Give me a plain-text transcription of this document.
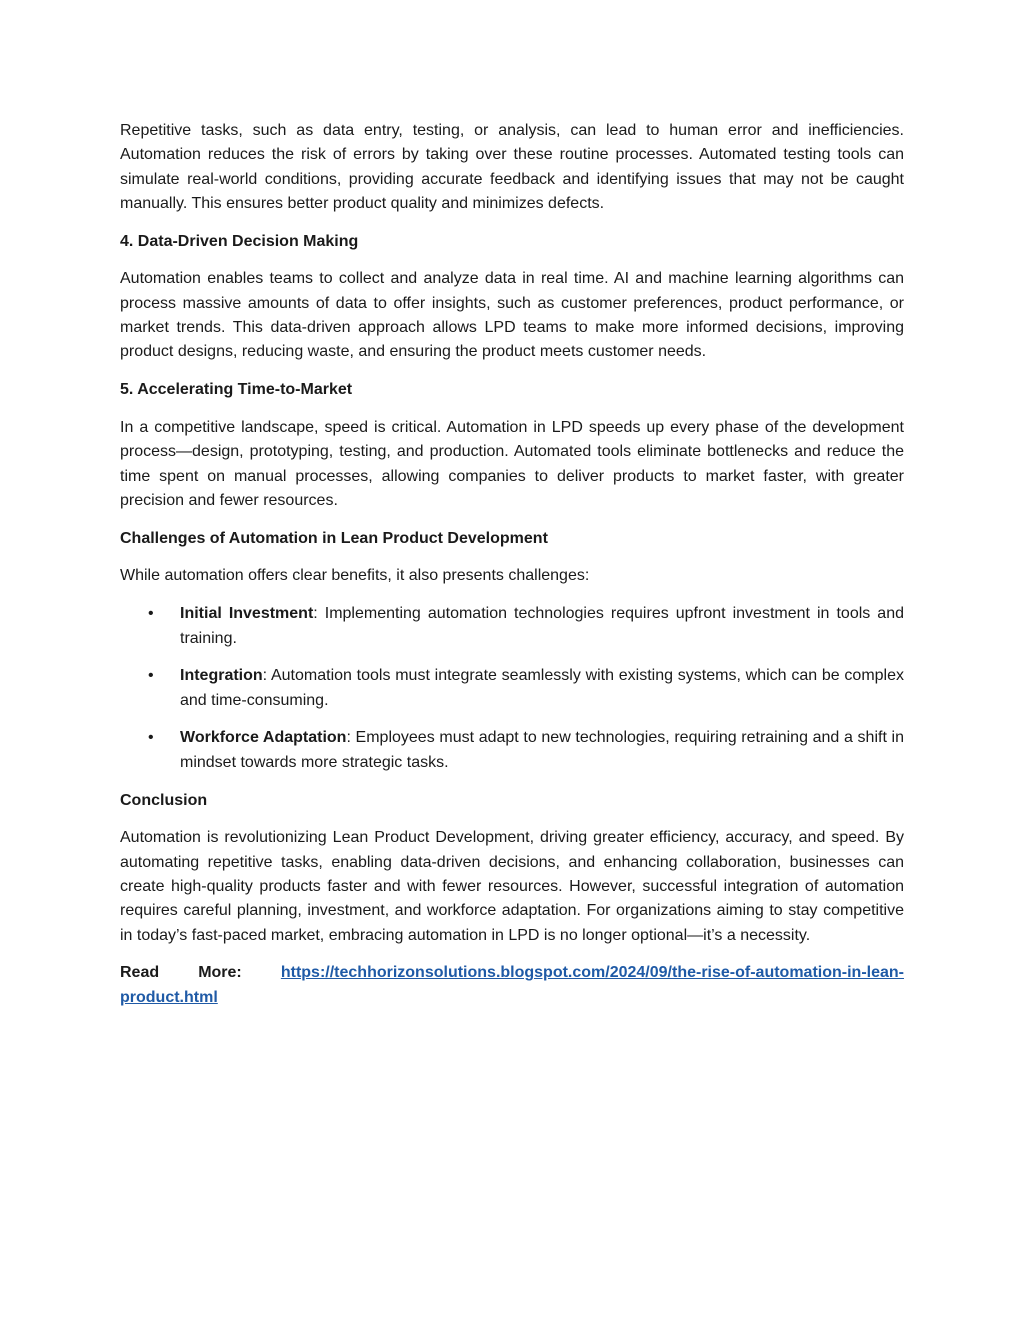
Repetitive tasks, such as data entry, testing, or analysis, can lead to human error and inefficiencies. Automation reduces the risk of errors by taking over these routine processes. Automated testing tools can simulate real-world conditions, providing accurate feedback and identifying issues that may not be caught manually. This ensures better product quality and minimizes defects.

4. Data-Driven Decision Making

Automation enables teams to collect and analyze data in real time. AI and machine learning algorithms can process massive amounts of data to offer insights, such as customer preferences, product performance, or market trends. This data-driven approach allows LPD teams to make more informed decisions, improving product designs, reducing waste, and ensuring the product meets customer needs.

5. Accelerating Time-to-Market

In a competitive landscape, speed is critical. Automation in LPD speeds up every phase of the development process—design, prototyping, testing, and production. Automated tools eliminate bottlenecks and reduce the time spent on manual processes, allowing companies to deliver products to market faster, with greater precision and fewer resources.

Challenges of Automation in Lean Product Development

While automation offers clear benefits, it also presents challenges:

• Initial Investment: Implementing automation technologies requires upfront investment in tools and training.
• Integration: Automation tools must integrate seamlessly with existing systems, which can be complex and time-consuming.
• Workforce Adaptation: Employees must adapt to new technologies, requiring retraining and a shift in mindset towards more strategic tasks.

Conclusion

Automation is revolutionizing Lean Product Development, driving greater efficiency, accuracy, and speed. By automating repetitive tasks, enabling data-driven decisions, and enhancing collaboration, businesses can create high-quality products faster and with fewer resources. However, successful integration of automation requires careful planning, investment, and workforce adaptation. For organizations aiming to stay competitive in today’s fast-paced market, embracing automation in LPD is no longer optional—it’s a necessity.

Read More: https://techhorizonsolutions.blogspot.com/2024/09/the-rise-of-automation-in-lean-
product.html
